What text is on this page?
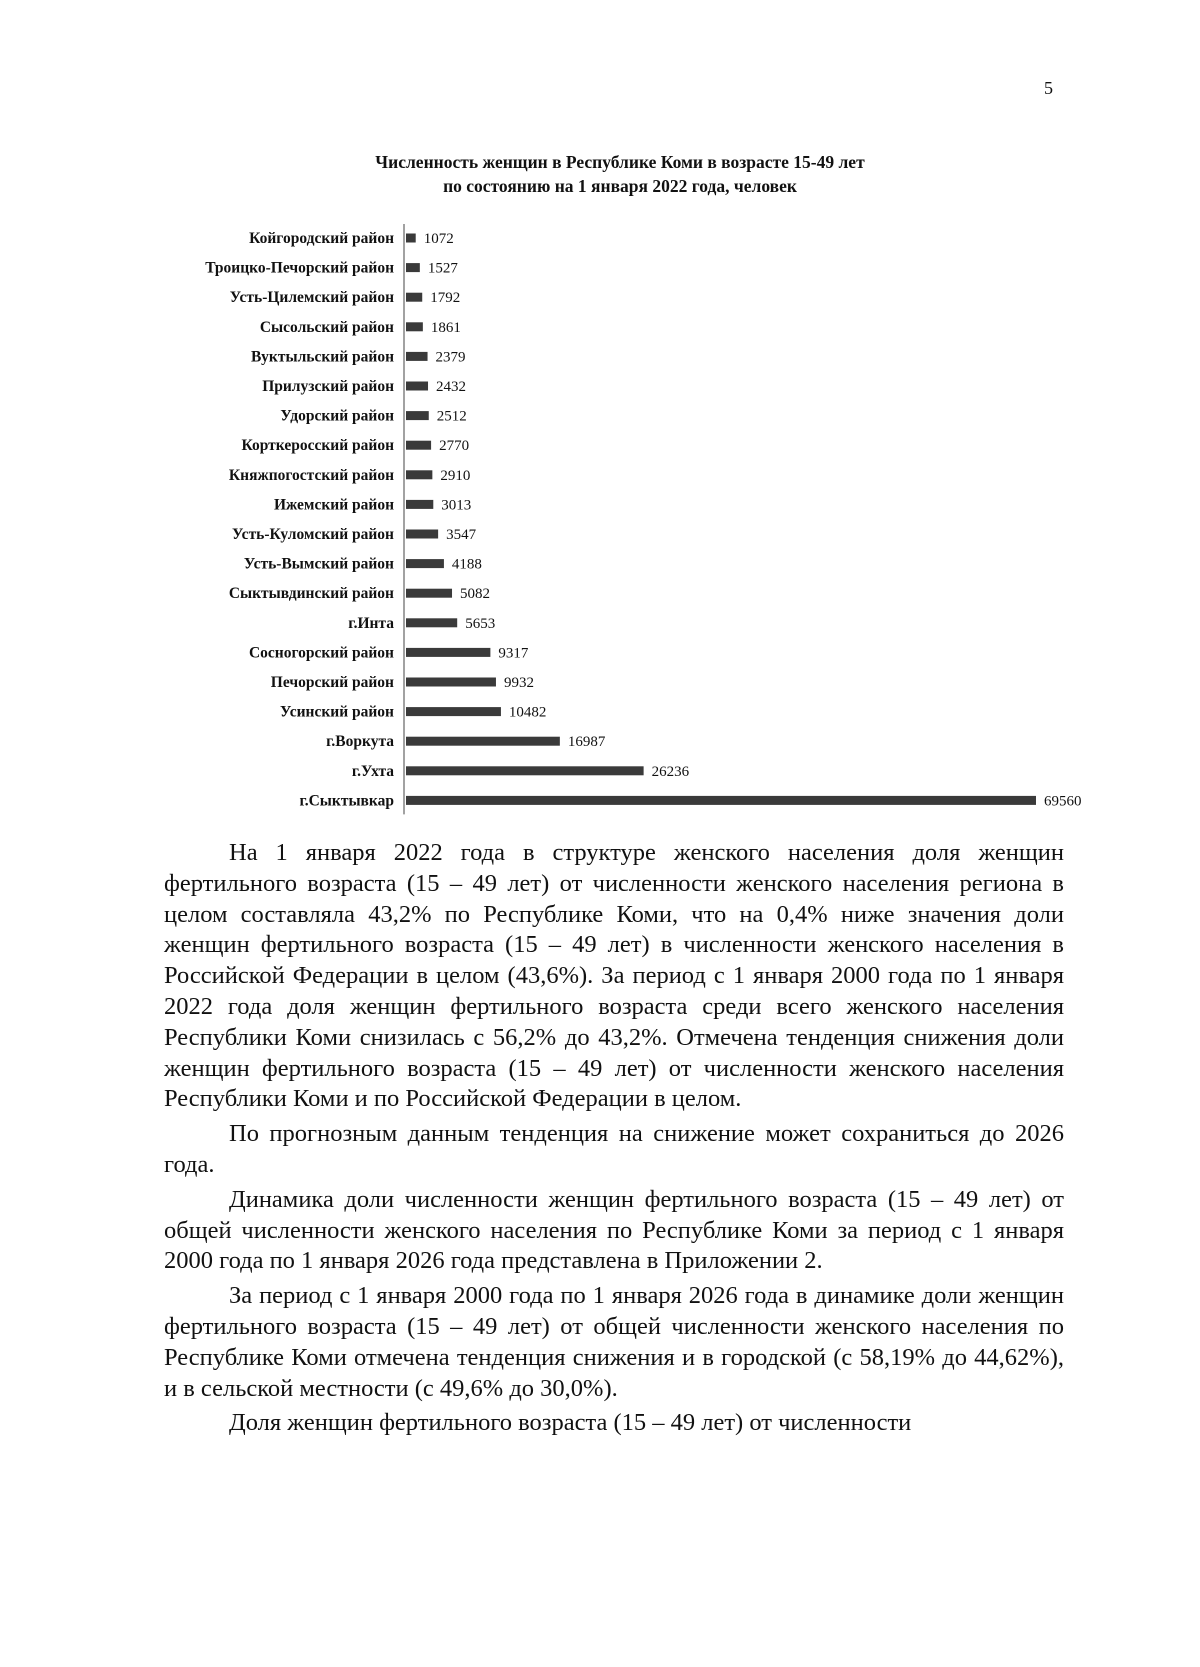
5
Численность женщин в Республике Коми в возрасте 15-49 лет
по состоянию на 1 января 2022 года, человек
Койгородский район 1072
Троицко-Печорский район 1527
Усть-Цилемский район 1792
Сысольский район 1861
Вуктыльский район	2379
Прилузский район	2432
Удорский район	2512
Корткеросский район	2770
Княжпогостский район	2910
Ижемский район	3013
Усть-Куломский район	3547
Усть-Вымский район	4188
Сыктывдинский район	5082
г.Инта	5653
Сосногорский район	9317
Печорский район	9932
Усинский район	10482
г.Воркута	16987
г.Ухта	26236
г.Сыктывкар	69560

На 1 января 2022 года в структуре женского населения доля женщин фертильного возраста (15 – 49 лет) от численности женского населения региона в целом составляла 43,2% по Республике Коми, что на 0,4% ниже значения доли женщин фертильного возраста (15 – 49 лет) в численности женского населения в Российской Федерации в целом (43,6%). За период с 1 января 2000 года по 1 января 2022 года доля женщин фертильного возраста среди всего женского населения Республики Коми снизилась с 56,2% до 43,2%. Отмечена тенденция снижения доли женщин фертильного возраста (15 – 49 лет) от численности женского населения Республики Коми и по Российской Федерации в целом.

По прогнозным данным тенденция на снижение может сохраниться до 2026 года.

Динамика доли численности женщин фертильного возраста (15 – 49 лет) от общей численности женского населения по Республике Коми за период с 1 января 2000 года по 1 января 2026 года представлена в Приложении 2.

За период с 1 января 2000 года по 1 января 2026 года в динамике доли женщин фертильного возраста (15 – 49 лет) от общей численности женского населения по Республике Коми отмечена тенденция снижения и в городской (с 58,19% до 44,62%), и в сельской местности (с 49,6% до 30,0%).

Доля женщин фертильного возраста (15 – 49 лет) от численности
